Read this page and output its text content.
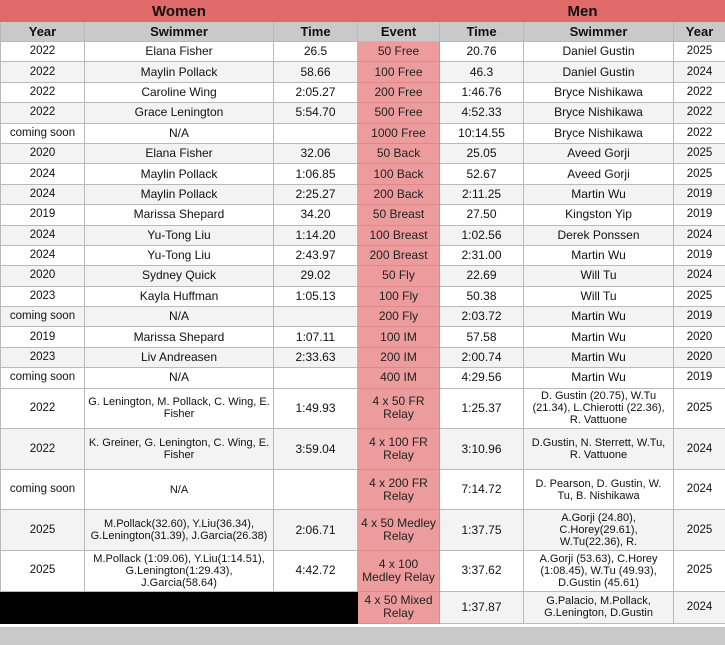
Women				Men		
Year	Swimmer	Time	Event	Time	Swimmer	Year
2022	Elana Fisher	26.5	50 Free	20.76	Daniel Gustin	2025
2022	Maylin Pollack	58.66	100 Free	46.3	Daniel Gustin	2024
2022	Caroline Wing	2:05.27	200 Free	1:46.76	Bryce Nishikawa	2022
2022	Grace Lenington	5:54.70	500 Free	4:52.33	Bryce Nishikawa	2022
coming soon	N/A		1000 Free	10:14.55	Bryce Nishikawa	2022
2020	Elana Fisher	32.06	50 Back	25.05	Aveed Gorji	2025
2024	Maylin Pollack	1:06.85	100 Back	52.67	Aveed Gorji	2025
2024	Maylin Pollack	2:25.27	200 Back	2:11.25	Martin Wu	2019
2019	Marissa Shepard	34.20	50 Breast	27.50	Kingston Yip	2019
2024	Yu-Tong Liu	1:14.20	100 Breast	1:02.56	Derek Ponssen	2024
2024	Yu-Tong Liu	2:43.97	200 Breast	2:31.00	Martin Wu	2019
2020	Sydney Quick	29.02	50 Fly	22.69	Will Tu	2024
2023	Kayla Huffman	1:05.13	100 Fly	50.38	Will Tu	2025
coming soon	N/A		200 Fly	2:03.72	Martin Wu	2019
2019	Marissa Shepard	1:07.11	100 IM	57.58	Martin Wu	2020
2023	Liv Andreasen	2:33.63	200 IM	2:00.74	Martin Wu	2020
coming soon	N/A		400 IM	4:29.56	Martin Wu	2019
2022	G. Lenington, M. Pollack, C. Wing, E. Fisher	1:49.93	4 x 50 FR Relay	1:25.37	D. Gustin (20.75), W.Tu (21.34), L.Chierotti (22.36), R. Vattuone	2025
2022	K. Greiner, G. Lenington, C. Wing, E. Fisher	3:59.04	4 x 100 FR Relay	3:10.96	D.Gustin, N. Sterrett, W.Tu, R. Vattuone	2024
coming soon	N/A		4 x 200 FR Relay	7:14.72	D. Pearson, D. Gustin, W. Tu, B. Nishikawa	2024
2025	M.Pollack(32.60), Y.Liu(36.34), G.Lenington(31.39), J.Garcia(26.38)	2:06.71	4 x 50 Medley Relay	1:37.75	A.Gorji (24.80), C.Horey(29.61), W.Tu(22.36), R.	2025
2025	M.Pollack (1:09.06), Y.Liu(1:14.51), G.Lenington(1:29.43), J.Garcia(58.64)	4:42.72	4 x 100 Medley Relay	3:37.62	A.Gorji (53.63), C.Horey (1:08.45), W.Tu (49.93), D.Gustin (45.61)	2025
			4 x 50 Mixed Relay	1:37.87	G.Palacio, M.Pollack, G.Lenington, D.Gustin	2024
